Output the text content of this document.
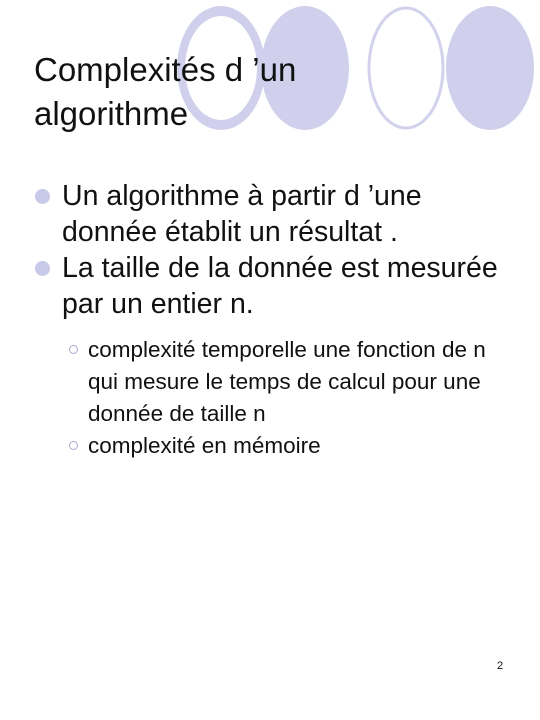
Complexités d ’un algorithme
Un algorithme à partir d ’une donnée établit un résultat .
La taille de la donnée est mesurée par un entier n.
complexité temporelle une fonction de n qui mesure le temps de calcul pour une donnée de taille n
complexité en mémoire
2
